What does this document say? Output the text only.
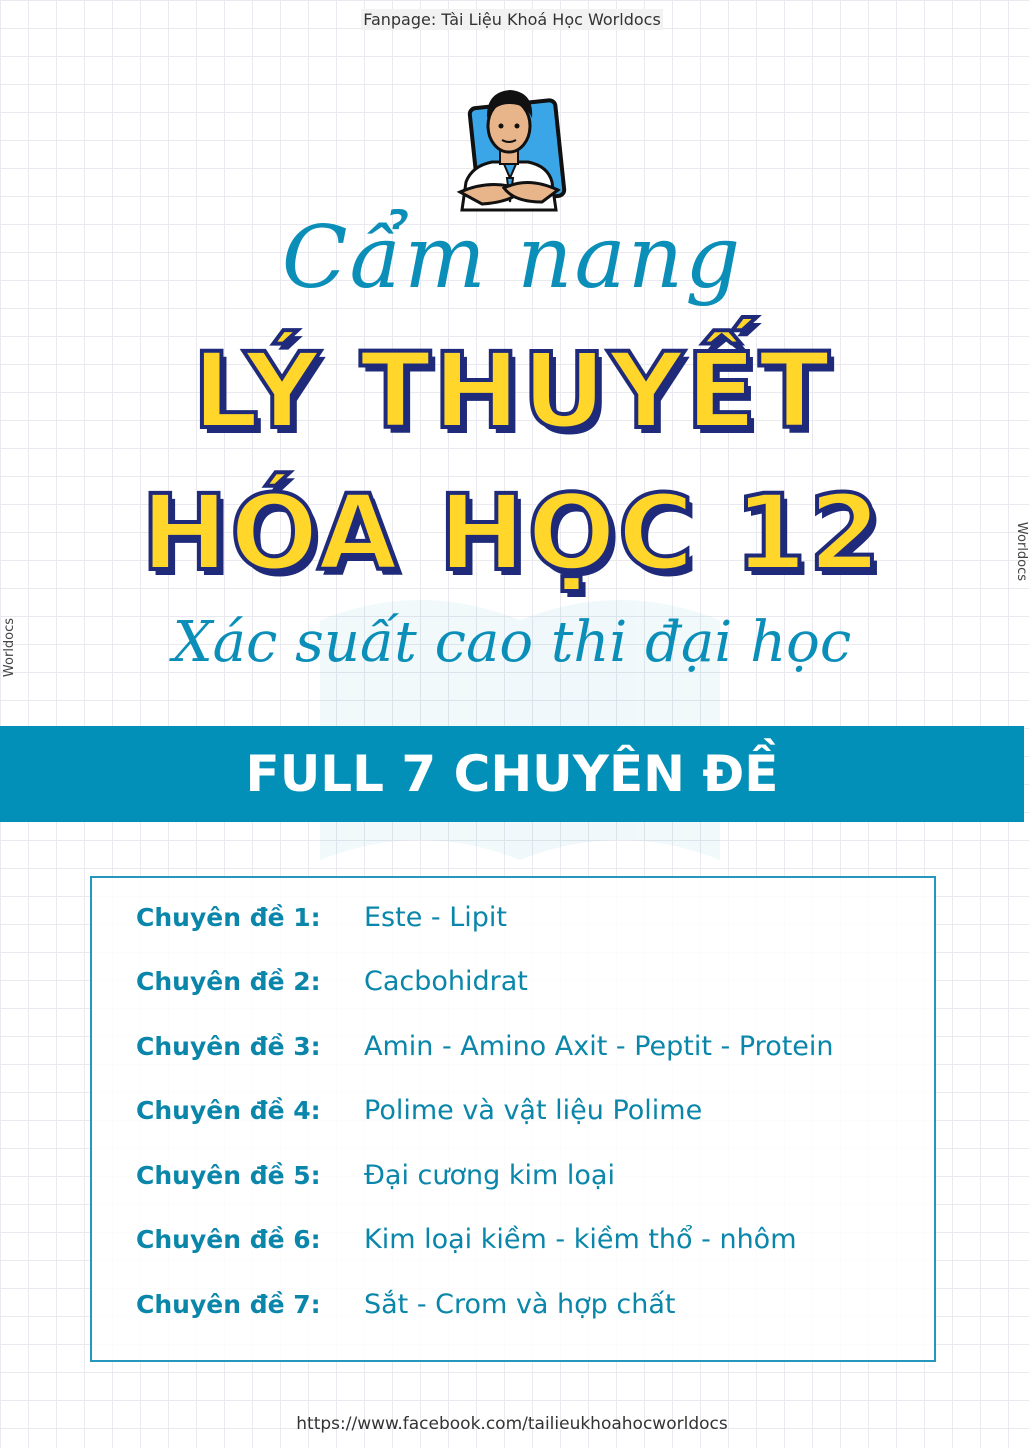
Fanpage: Tài Liệu Khoá Học Worldocs
Cẩm nang
LÝ THUYẾT
HÓA HỌC 12
Xác suất cao thi đại học
FULL 7 CHUYÊN ĐỀ
Chuyên đề 1: Este - Lipit
Chuyên đề 2: Cacbohidrat
Chuyên đề 3: Amin - Amino Axit - Peptit - Protein
Chuyên đề 4: Polime và vật liệu Polime
Chuyên đề 5: Đại cương kim loại
Chuyên đề 6: Kim loại kiềm - kiềm thổ - nhôm
Chuyên đề 7: Sắt - Crom và hợp chất
https://www.facebook.com/tailieukhoahocworldocs
Worldocs
Worldocs
